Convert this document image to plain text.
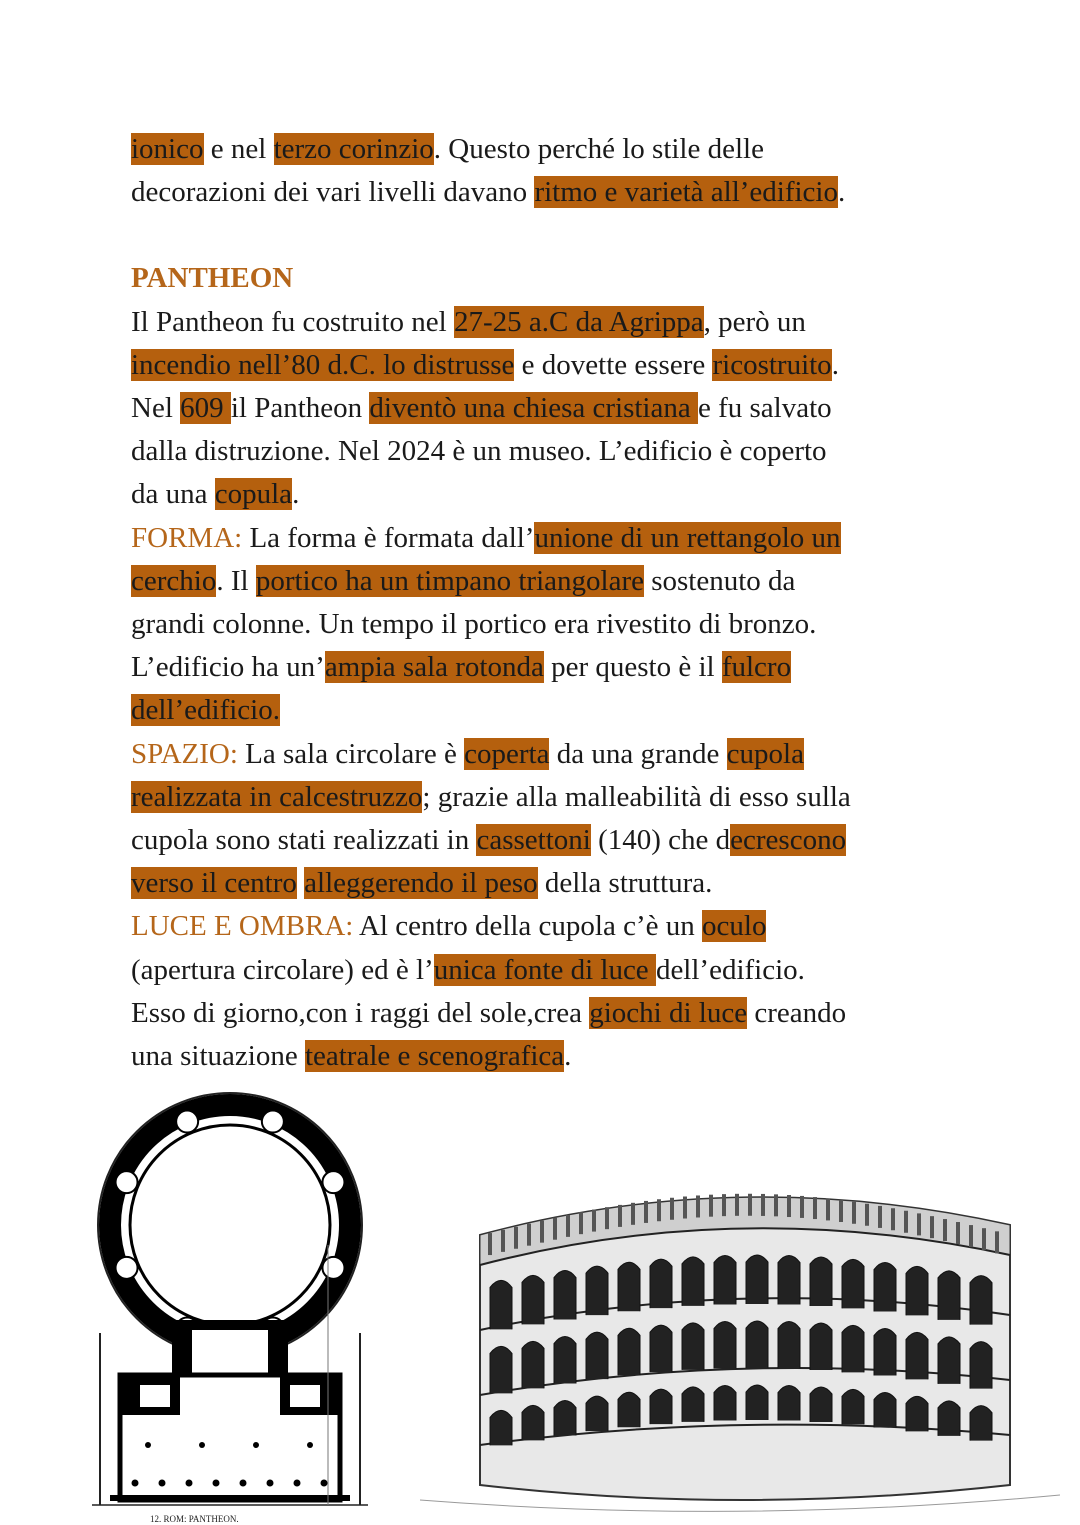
ionico e nel terzo corinzio. Questo perché lo stile delle

decorazioni dei vari livelli davano ritmo e varietà all’edificio.

PANTHEON

Il Pantheon fu costruito nel 27-25 a.C da Agrippa, però un

incendio nell’80 d.C. lo distrusse e dovette essere ricostruito.

Nel 609 il Pantheon diventò una chiesa cristiana e fu salvato

dalla distruzione. Nel 2024 è un museo. L’edificio è coperto

da una copula.

FORMA: La forma è formata dall’unione di un rettangolo un

cerchio. Il portico ha un timpano triangolare sostenuto da

grandi colonne. Un tempo il portico era rivestito di bronzo.

L’edificio ha un’ampia sala rotonda per questo è il fulcro

dell’edificio.

SPAZIO: La sala circolare è coperta da una grande cupola

realizzata in calcestruzzo; grazie alla malleabilità di esso sulla

cupola sono stati realizzati in cassettoni (140) che decrescono

verso il centro alleggerendo il peso della struttura.

LUCE E OMBRA: Al centro della cupola c’è un oculo

(apertura circolare) ed è l’unica fonte di luce dell’edificio.

Esso di giorno,con i raggi del sole,crea giochi di luce creando

una situazione teatrale e scenografica.

12. ROM: PANTHEON.
